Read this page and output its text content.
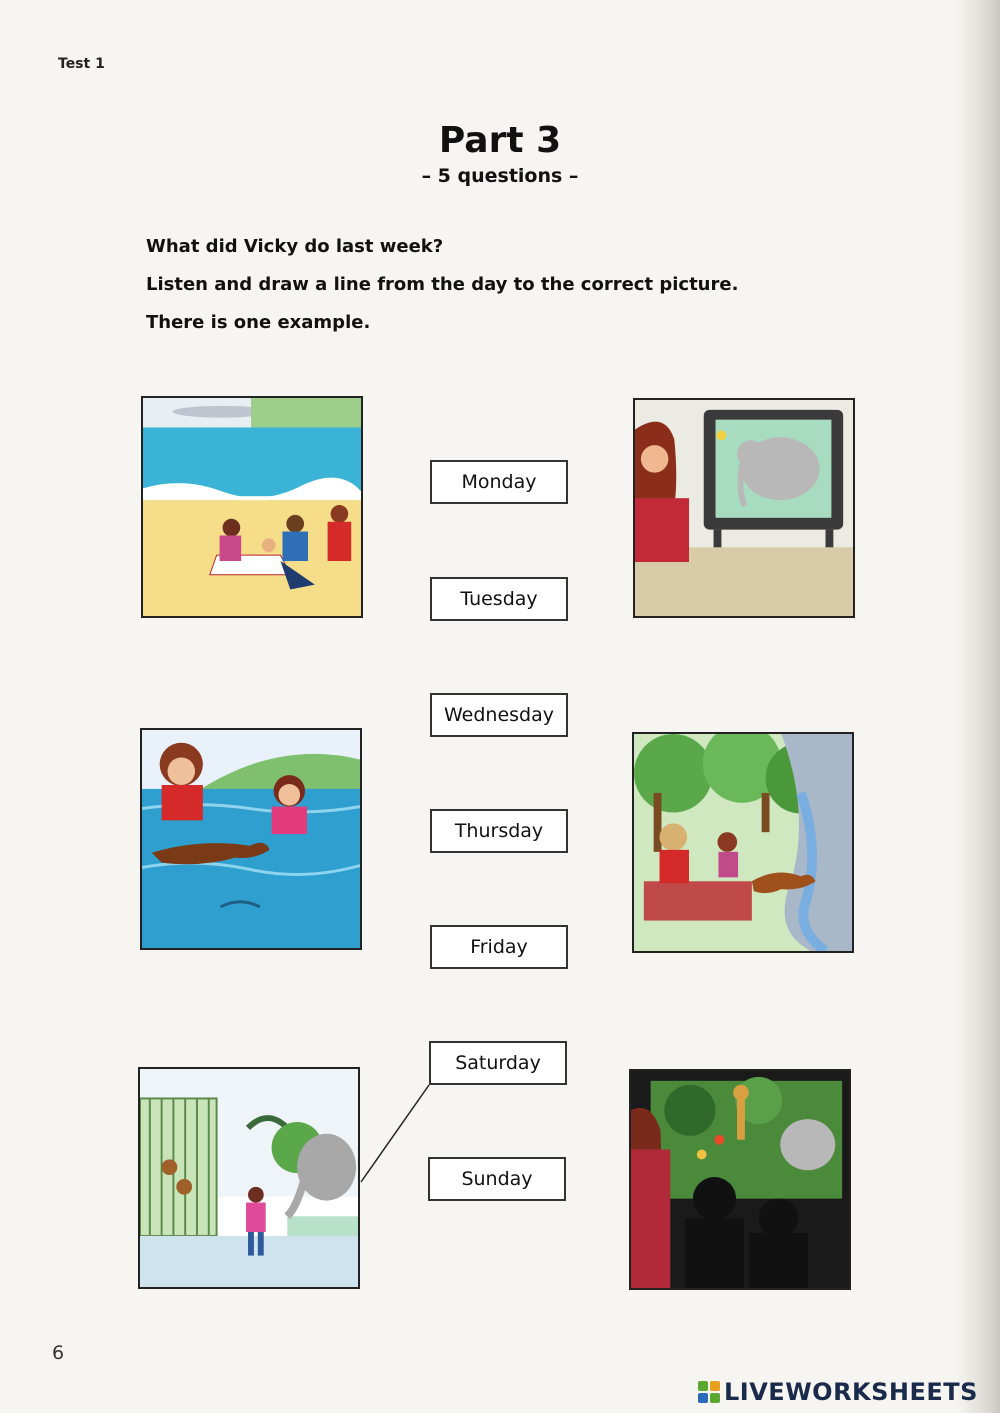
Test 1
Part 3
– 5 questions –
What did Vicky do last week?
Listen and draw a line from the day to the correct picture.
There is one example.
Monday
Tuesday
Wednesday
Thursday
Friday
Saturday
Sunday
6
LIVEWORKSHEETS
